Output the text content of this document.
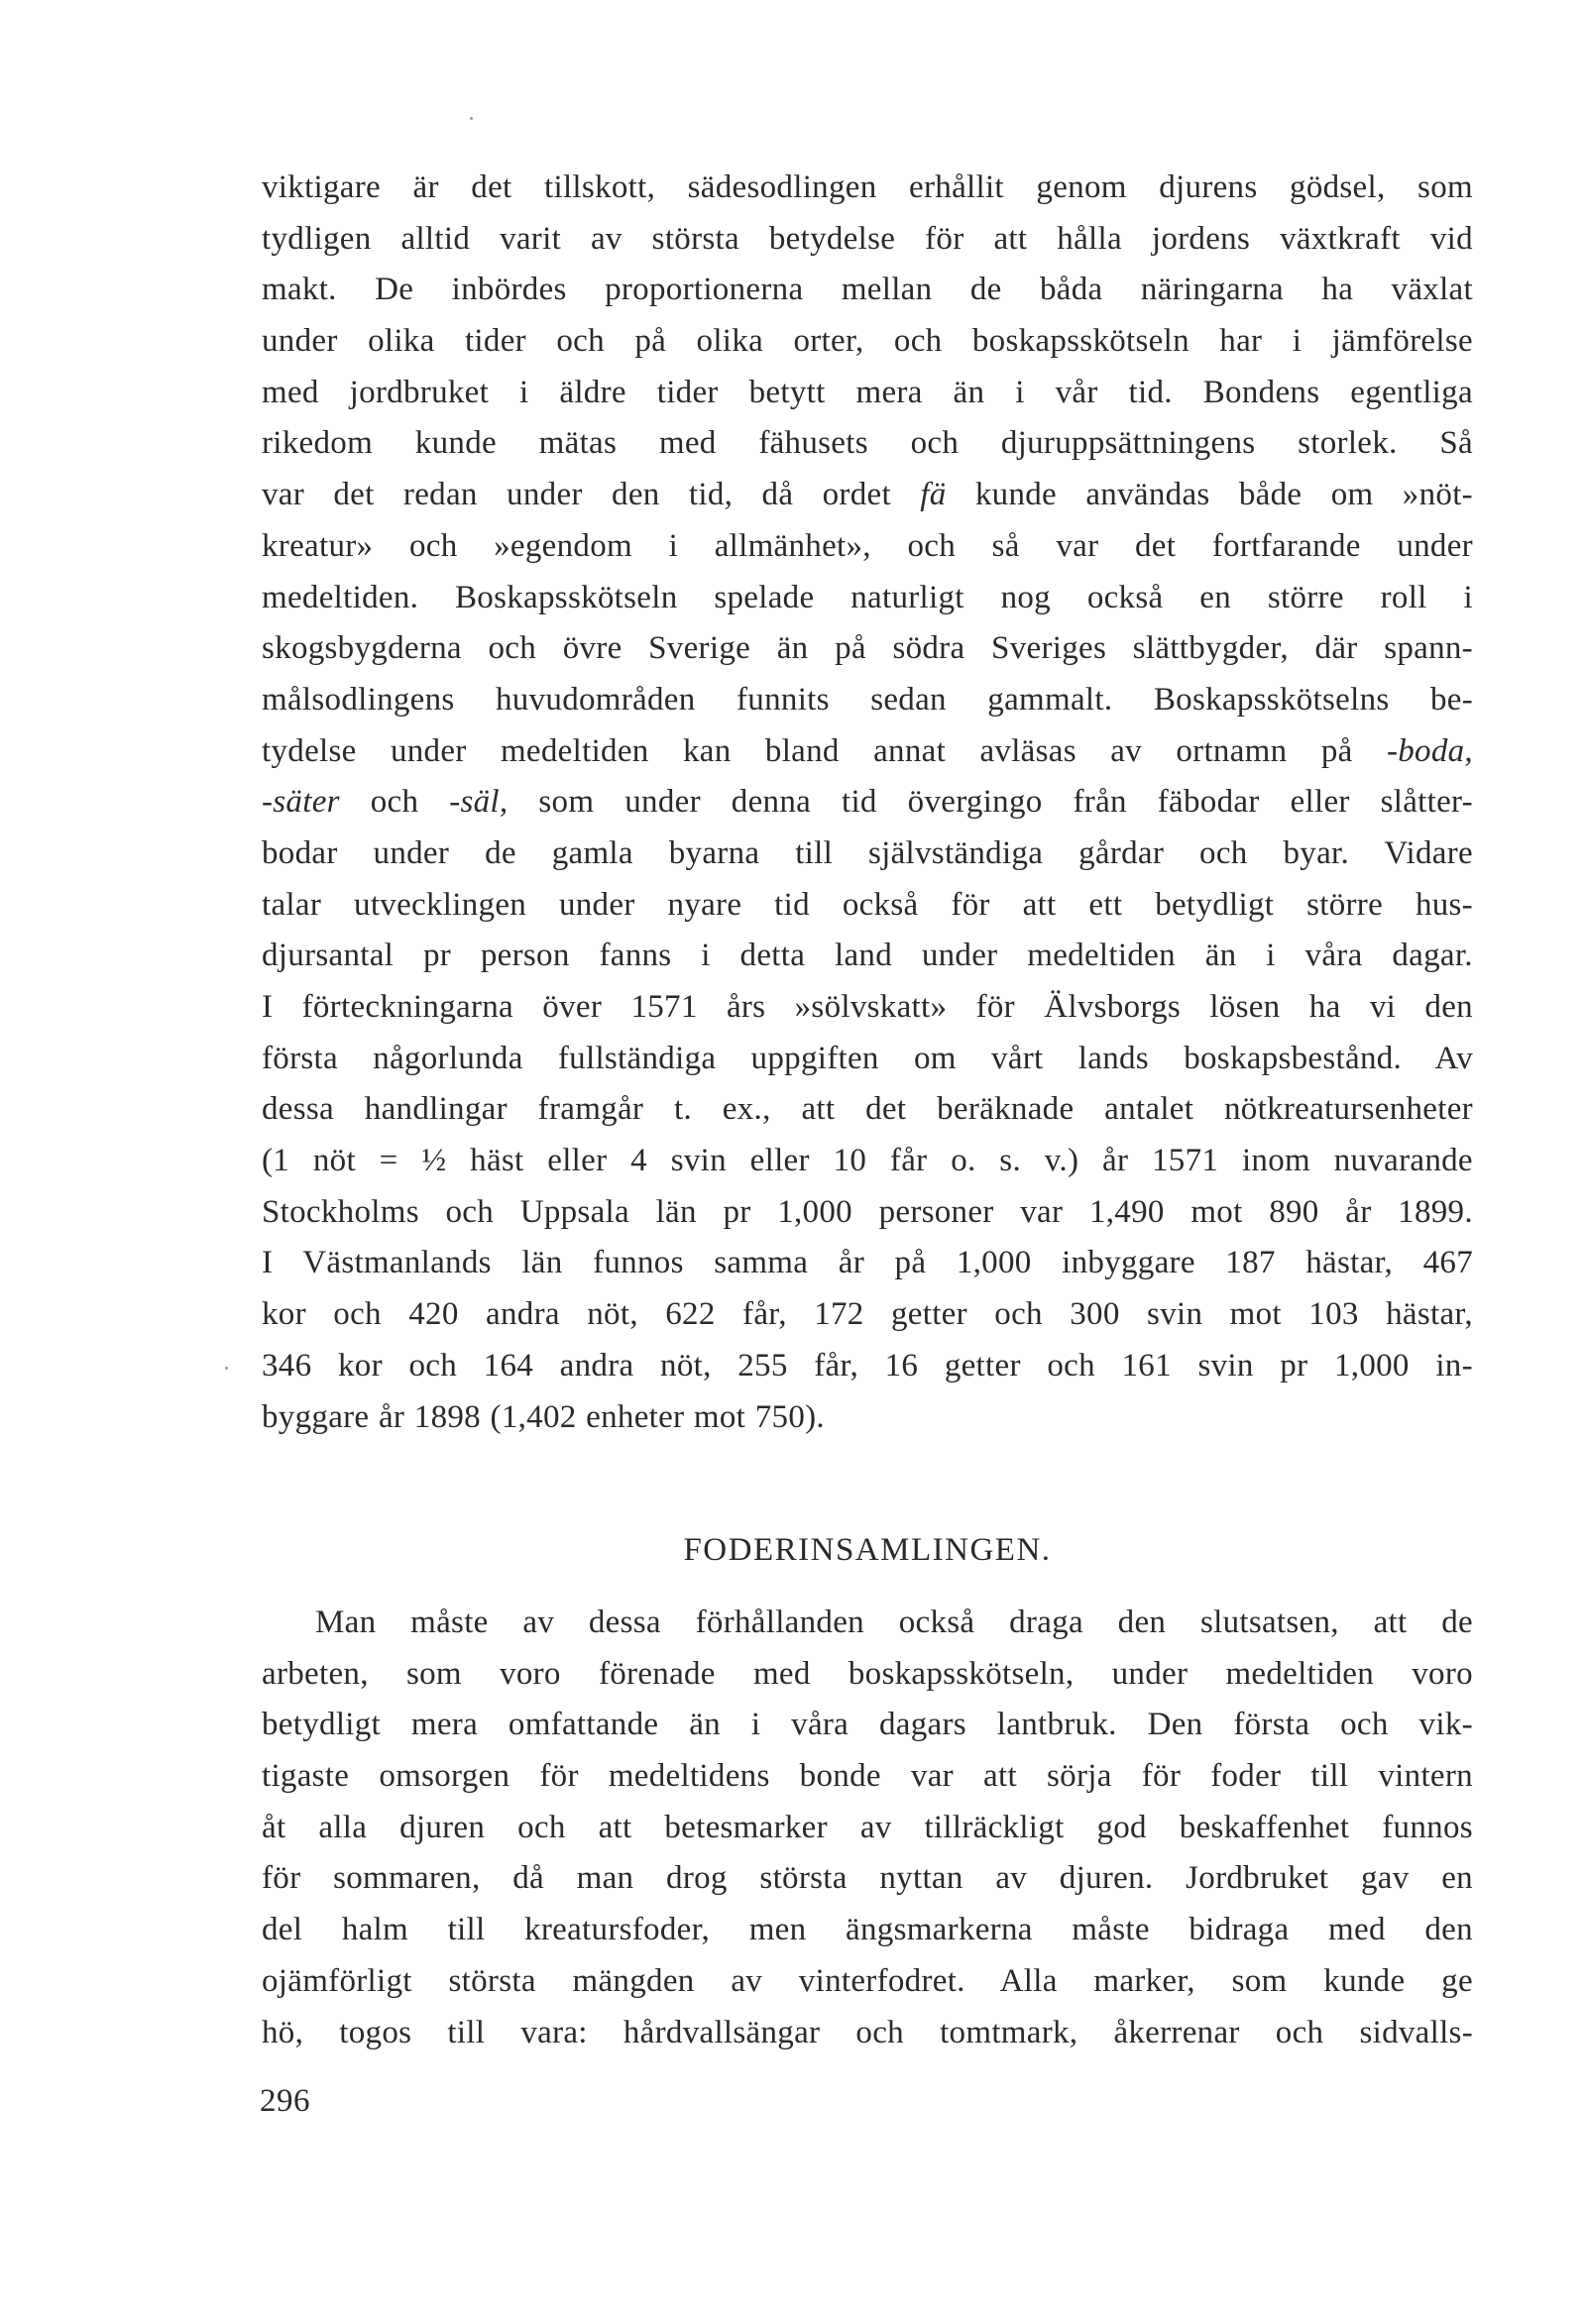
viktigare är det tillskott, sädesodlingen erhållit genom djurens gödsel, som
tydligen alltid varit av största betydelse för att hålla jordens växtkraft vid
makt. De inbördes proportionerna mellan de båda näringarna ha växlat
under olika tider och på olika orter, och boskapsskötseln har i jämförelse
med jordbruket i äldre tider betytt mera än i vår tid. Bondens egentliga
rikedom kunde mätas med fähusets och djuruppsättningens storlek. Så
var det redan under den tid, då ordet fä kunde användas både om »nöt-
kreatur» och »egendom i allmänhet», och så var det fortfarande under
medeltiden. Boskapsskötseln spelade naturligt nog också en större roll i
skogsbygderna och övre Sverige än på södra Sveriges slättbygder, där spann-
målsodlingens huvudområden funnits sedan gammalt. Boskapsskötselns be-
tydelse under medeltiden kan bland annat avläsas av ortnamn på -boda,
-säter och -säl, som under denna tid övergingo från fäbodar eller slåtter-
bodar under de gamla byarna till självständiga gårdar och byar. Vidare
talar utvecklingen under nyare tid också för att ett betydligt större hus-
djursantal pr person fanns i detta land under medeltiden än i våra dagar.
I förteckningarna över 1571 års »sölvskatt» för Älvsborgs lösen ha vi den
första någorlunda fullständiga uppgiften om vårt lands boskapsbestånd. Av
dessa handlingar framgår t. ex., att det beräknade antalet nötkreatursenheter
(1 nöt = ½ häst eller 4 svin eller 10 får o. s. v.) år 1571 inom nuvarande
Stockholms och Uppsala län pr 1,000 personer var 1,490 mot 890 år 1899.
I Västmanlands län funnos samma år på 1,000 inbyggare 187 hästar, 467
kor och 420 andra nöt, 622 får, 172 getter och 300 svin mot 103 hästar,
346 kor och 164 andra nöt, 255 får, 16 getter och 161 svin pr 1,000 in-
byggare år 1898 (1,402 enheter mot 750).
FODERINSAMLINGEN.
Man måste av dessa förhållanden också draga den slutsatsen, att de
arbeten, som voro förenade med boskapsskötseln, under medeltiden voro
betydligt mera omfattande än i våra dagars lantbruk. Den första och vik-
tigaste omsorgen för medeltidens bonde var att sörja för foder till vintern
åt alla djuren och att betesmarker av tillräckligt god beskaffenhet funnos
för sommaren, då man drog största nyttan av djuren. Jordbruket gav en
del halm till kreatursfoder, men ängsmarkerna måste bidraga med den
ojämförligt största mängden av vinterfodret. Alla marker, som kunde ge
hö, togos till vara: hårdvallsängar och tomtmark, åkerrenar och sidvalls-
296
